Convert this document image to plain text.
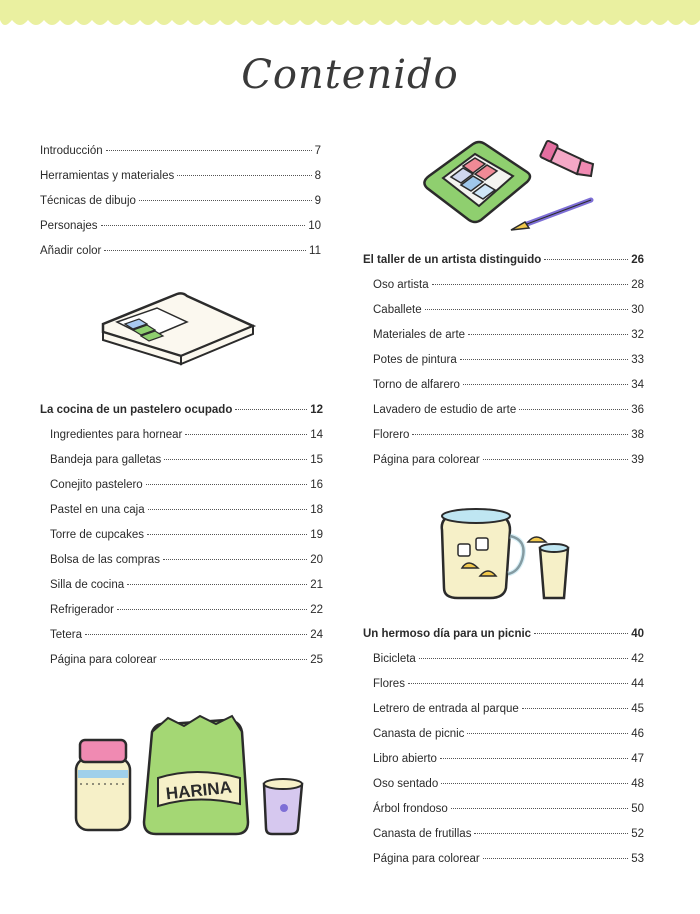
Contenido
Introducción	7
Herramientas y materiales	8
Técnicas de dibujo	9
Personajes	10
Añadir color	11
La cocina de un pastelero ocupado	12
Ingredientes para hornear	14
Bandeja para galletas	15
Conejito pastelero	16
Pastel en una caja	18
Torre de cupcakes	19
Bolsa de las compras	20
Silla de cocina	21
Refrigerador	22
Tetera	24
Página para colorear	25
El taller de un artista distinguido	26
Oso artista	28
Caballete	30
Materiales de arte	32
Potes de pintura	33
Torno de alfarero	34
Lavadero de estudio de arte	36
Florero	38
Página para colorear	39
Un hermoso día para un picnic	40
Bicicleta	42
Flores	44
Letrero de entrada al parque	45
Canasta de picnic	46
Libro abierto	47
Oso sentado	48
Árbol frondoso	50
Canasta de frutillas	52
Página para colorear	53
HARINA
